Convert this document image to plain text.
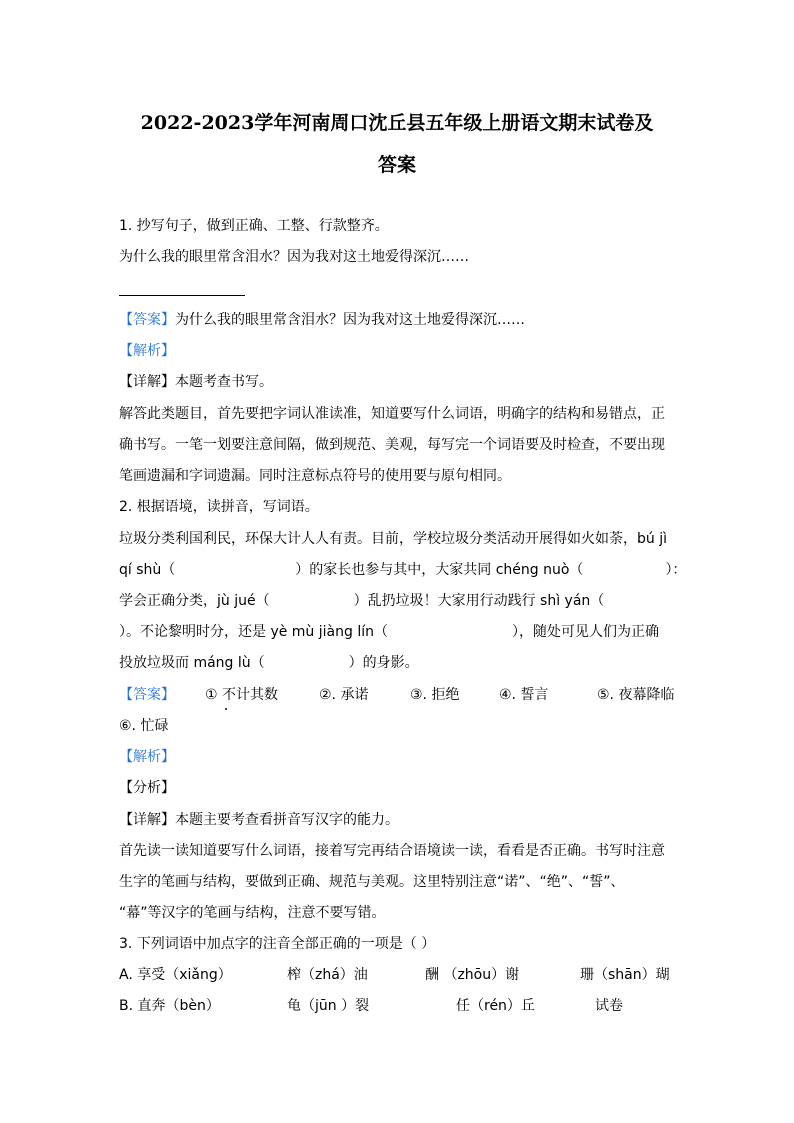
2022-2023学年河南周口沈丘县五年级上册语文期末试卷及
答案
1. 抄写句子，做到正确、工整、行款整齐。
为什么我的眼里常含泪水？因为我对这土地爱得深沉……
【答案】为什么我的眼里常含泪水？因为我对这土地爱得深沉……
【解析】
【详解】本题考查书写。
解答此类题目，首先要把字词认准读准，知道要写什么词语，明确字的结构和易错点，正
确书写。一笔一划要注意间隔，做到规范、美观，每写完一个词语要及时检查，不要出现
笔画遗漏和字词遗漏。同时注意标点符号的使用要与原句相同。
2. 根据语境，读拼音，写词语。
垃圾分类利国利民，环保大计人人有责。目前，学校垃圾分类活动开展得如火如荼，bú jì
qí shù（	）的家长也参与其中，大家共同 chéng nuò（	）：
学会正确分类，jù jué（	）乱扔垃圾！大家用行动践行 shì yán（
）。不论黎明时分，还是 yè mù jiàng lín（	），随处可见人们为正确
投放垃圾而 máng lù（	）的身影。
【答案】 ① 不计其数	②. 承诺	③. 拒绝	④. 誓言	⑤. 夜幕降临
⑥. 忙碌
【解析】
【分析】
【详解】本题主要考查看拼音写汉字的能力。
首先读一读知道要写什么词语，接着写完再结合语境读一读，看看是否正确。书写时注意
生字的笔画与结构，要做到正确、规范与美观。这里特别注意“诺”、“绝”、“誓”、
“幕”等汉字的笔画与结构，注意不要写错。
3. 下列词语中加点字的注音全部正确的一项是（ ）
A. 享受（xiǎng）	榨（zhá）油	酬 （zhōu）谢	珊（shān）瑚
B. 直奔（bèn）	龟（jūn ）裂	任（rén）丘	试卷
